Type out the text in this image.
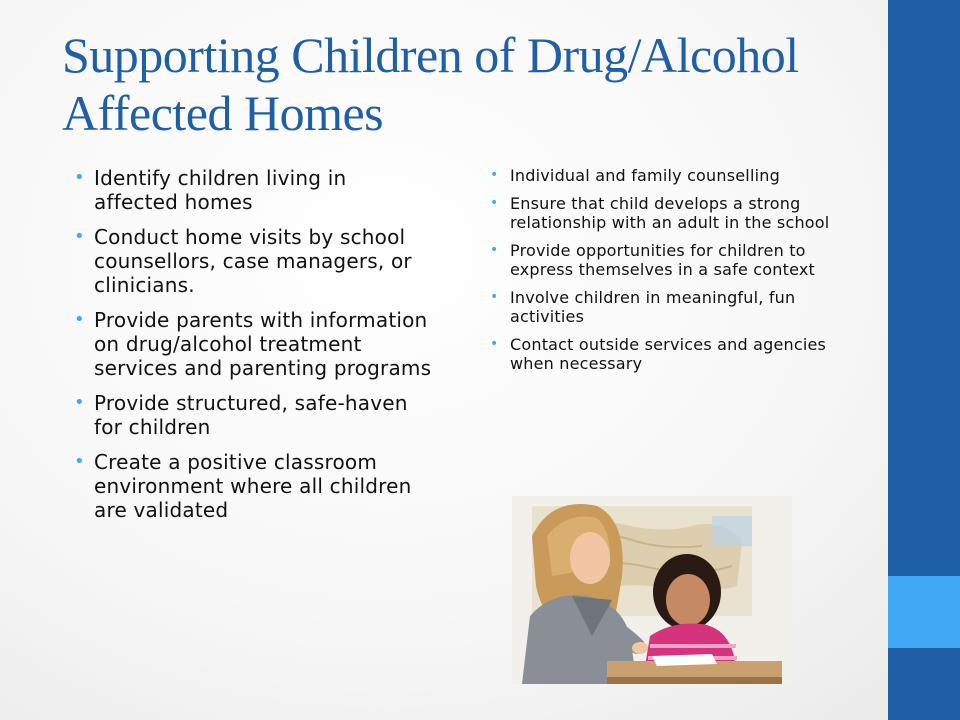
Supporting Children of Drug/Alcohol Affected Homes
• Identify children living in affected homes
• Conduct home visits by school counsellors, case managers, or clinicians.
• Provide parents with information on drug/alcohol treatment services and parenting programs
• Provide structured, safe-haven for children
• Create a positive classroom environment where all children are validated
• Individual and family counselling
• Ensure that child develops a strong relationship with an adult in the school
• Provide opportunities for children to express themselves in a safe context
• Involve children in meaningful, fun activities
• Contact outside services and agencies when necessary
